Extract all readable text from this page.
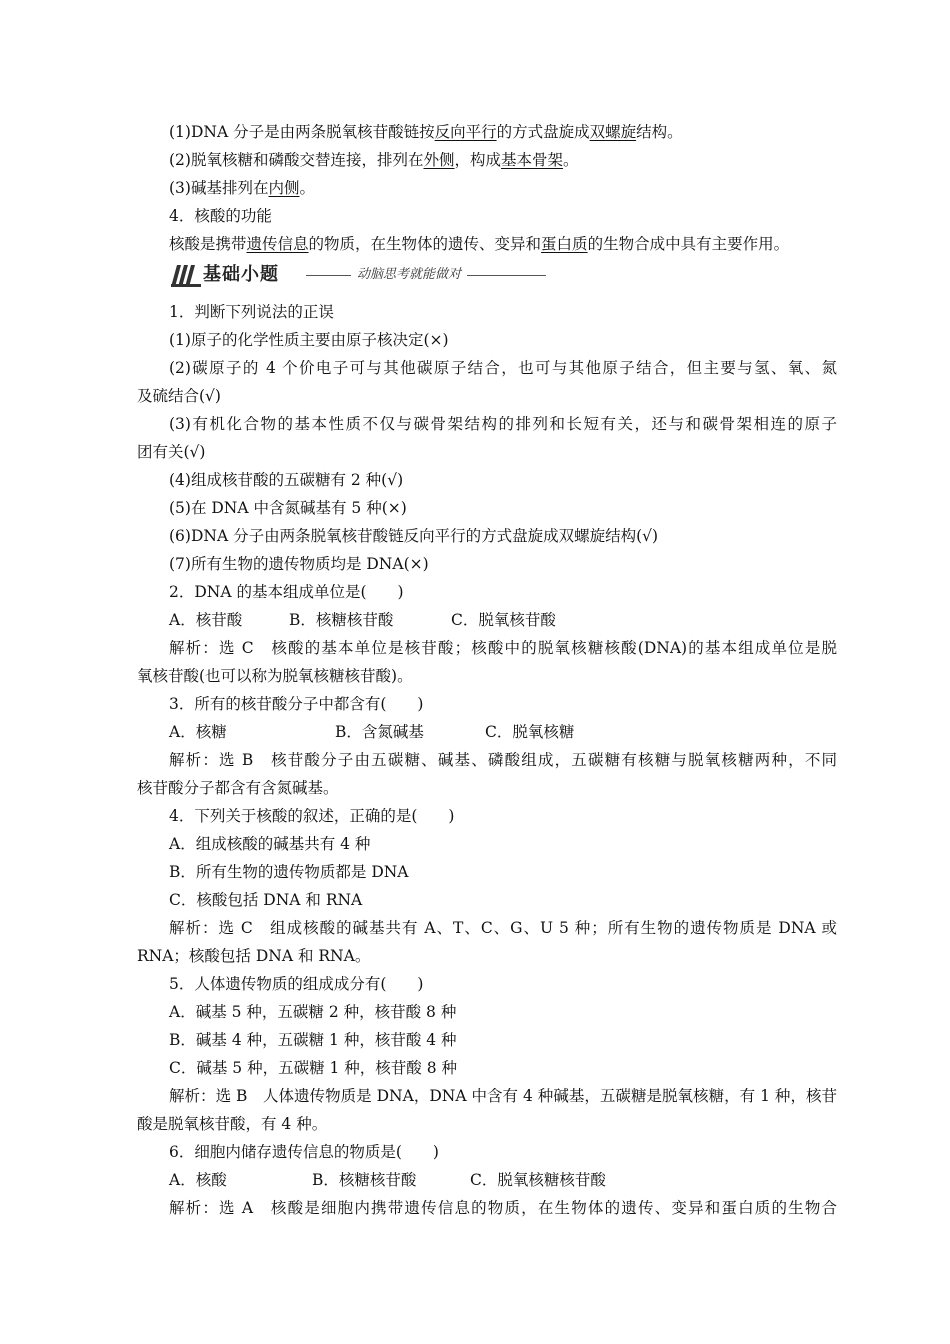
(1)DNA 分子是由两条脱氧核苷酸链按反向平行的方式盘旋成双螺旋结构。
(2)脱氧核糖和磷酸交替连接，排列在外侧，构成基本骨架。
(3)碱基排列在内侧。
4．核酸的功能
核酸是携带遗传信息的物质，在生物体的遗传、变异和蛋白质的生物合成中具有主要作用。
基础小题	动脑思考就能做对
1．判断下列说法的正误
(1)原子的化学性质主要由原子核决定(×)
(2)碳原子的 4 个价电子可与其他碳原子结合，也可与其他原子结合，但主要与氢、氧、氮
及硫结合(√)
(3)有机化合物的基本性质不仅与碳骨架结构的排列和长短有关，还与和碳骨架相连的原子
团有关(√)
(4)组成核苷酸的五碳糖有 2 种(√)
(5)在 DNA 中含氮碱基有 5 种(×)
(6)DNA 分子由两条脱氧核苷酸链反向平行的方式盘旋成双螺旋结构(√)
(7)所有生物的遗传物质均是 DNA(×)
2．DNA 的基本组成单位是(　　)
A．核苷酸	B．核糖核苷酸	C．脱氧核苷酸
解析：选 C　核酸的基本单位是核苷酸；核酸中的脱氧核糖核酸(DNA)的基本组成单位是脱
氧核苷酸(也可以称为脱氧核糖核苷酸)。
3．所有的核苷酸分子中都含有(　　)
A．核糖	B．含氮碱基	C．脱氧核糖
解析：选 B　核苷酸分子由五碳糖、碱基、磷酸组成，五碳糖有核糖与脱氧核糖两种，不同
核苷酸分子都含有含氮碱基。
4．下列关于核酸的叙述，正确的是(　　)
A．组成核酸的碱基共有 4 种
B．所有生物的遗传物质都是 DNA
C．核酸包括 DNA 和 RNA
解析：选 C　组成核酸的碱基共有 A、T、C、G、U 5 种；所有生物的遗传物质是 DNA 或
RNA；核酸包括 DNA 和 RNA。
5．人体遗传物质的组成成分有(　　)
A．碱基 5 种，五碳糖 2 种，核苷酸 8 种
B．碱基 4 种，五碳糖 1 种，核苷酸 4 种
C．碱基 5 种，五碳糖 1 种，核苷酸 8 种
解析：选 B　人体遗传物质是 DNA，DNA 中含有 4 种碱基，五碳糖是脱氧核糖，有 1 种，核苷
酸是脱氧核苷酸，有 4 种。
6．细胞内储存遗传信息的物质是(　　)
A．核酸	B．核糖核苷酸	C．脱氧核糖核苷酸
解析：选 A　核酸是细胞内携带遗传信息的物质，在生物体的遗传、变异和蛋白质的生物合
